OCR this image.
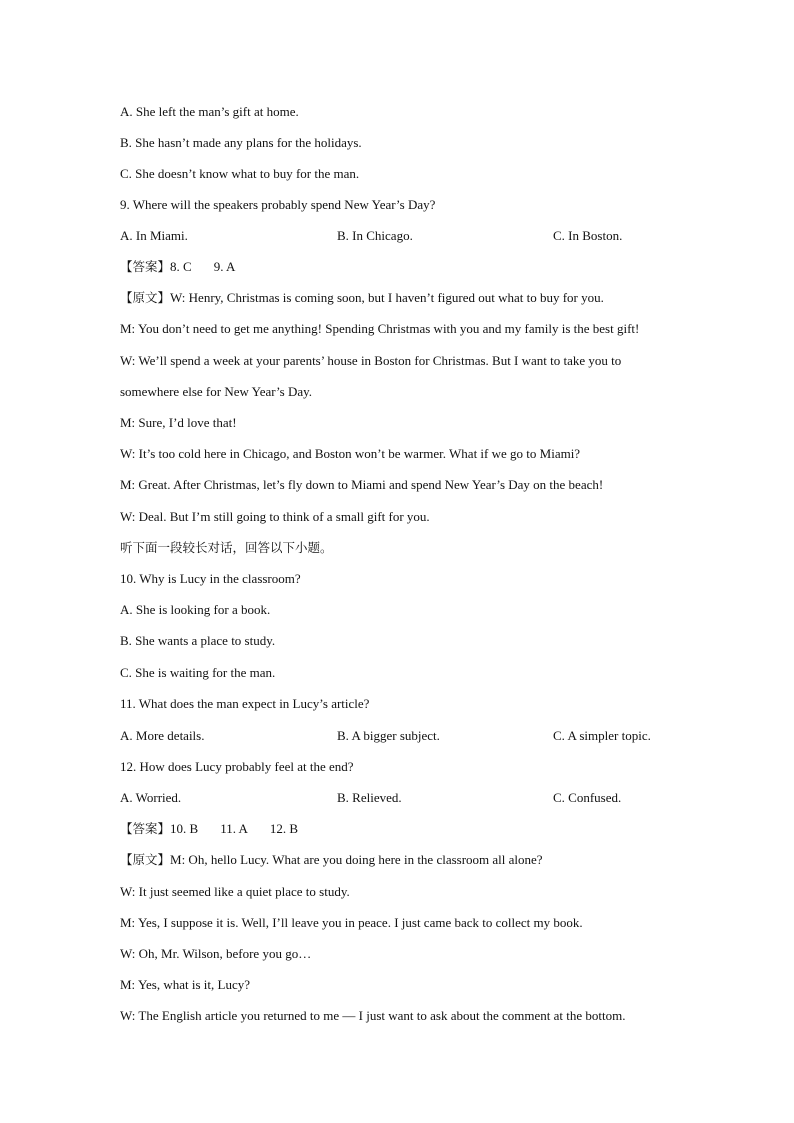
A. She left the man’s gift at home.
B. She hasn’t made any plans for the holidays.
C. She doesn’t know what to buy for the man.
9. Where will the speakers probably spend New Year’s Day?
A. In Miami.	B. In Chicago.	C. In Boston.
【答案】8. C 9. A
【原文】W: Henry, Christmas is coming soon, but I haven’t figured out what to buy for you.
M: You don’t need to get me anything! Spending Christmas with you and my family is the best gift!
W: We’ll spend a week at your parents’ house in Boston for Christmas. But I want to take you to
somewhere else for New Year’s Day.
M: Sure, I’d love that!
W: It’s too cold here in Chicago, and Boston won’t be warmer. What if we go to Miami?
M: Great. After Christmas, let’s fly down to Miami and spend New Year’s Day on the beach!
W: Deal. But I’m still going to think of a small gift for you.
听下面一段较长对话，回答以下小题。
10. Why is Lucy in the classroom?
A. She is looking for a book.
B. She wants a place to study.
C. She is waiting for the man.
11. What does the man expect in Lucy’s article?
A. More details.	B. A bigger subject.	C. A simpler topic.
12. How does Lucy probably feel at the end?
A. Worried.	B. Relieved.	C. Confused.
【答案】10. B 11. A 12. B
【原文】M: Oh, hello Lucy. What are you doing here in the classroom all alone?
W: It just seemed like a quiet place to study.
M: Yes, I suppose it is. Well, I’ll leave you in peace. I just came back to collect my book.
W: Oh, Mr. Wilson, before you go…
M: Yes, what is it, Lucy?
W: The English article you returned to me — I just want to ask about the comment at the bottom.
